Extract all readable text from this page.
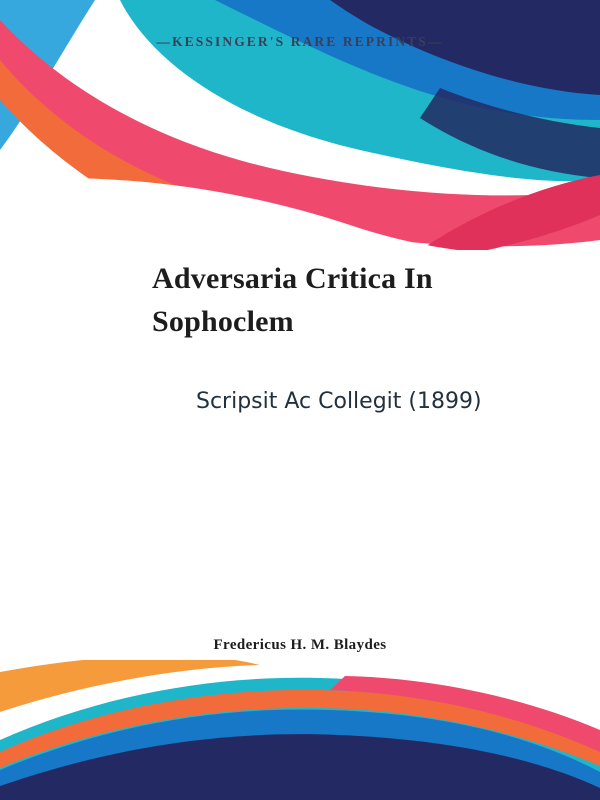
—KESSINGER'S RARE REPRINTS—
Adversaria Critica In Sophoclem
Scripsit Ac Collegit (1899)
Fredericus H. M. Blaydes
